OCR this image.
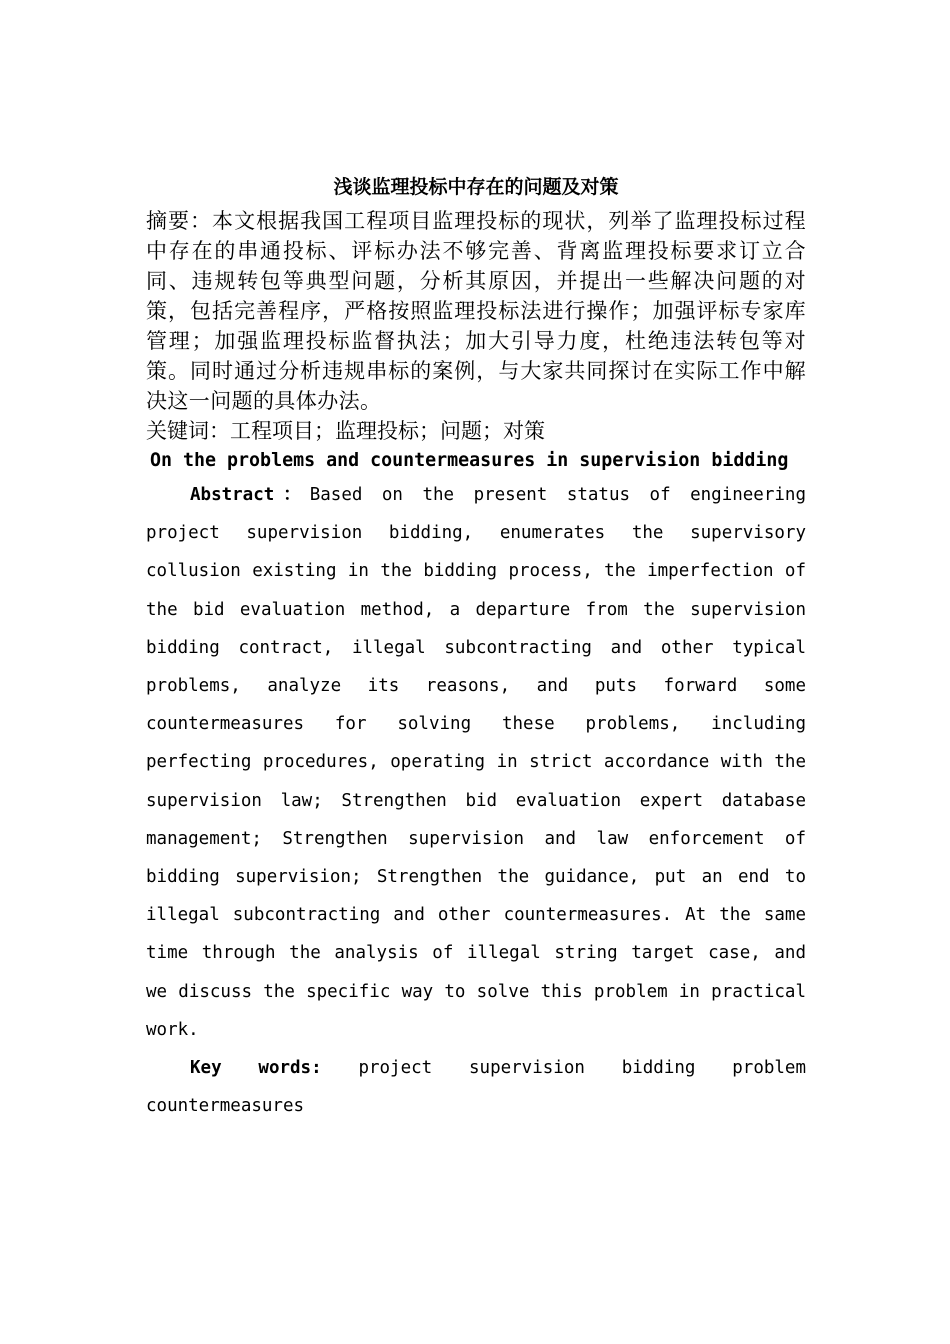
浅谈监理投标中存在的问题及对策

摘要：本文根据我国工程项目监理投标的现状，列举了监理投标过程中存在的串通投标、评标办法不够完善、背离监理投标要求订立合同、违规转包等典型问题，分析其原因，并提出一些解决问题的对策，包括完善程序，严格按照监理投标法进行操作；加强评标专家库管理；加强监理投标监督执法；加大引导力度，杜绝违法转包等对策。同时通过分析违规串标的案例，与大家共同探讨在实际工作中解决这一问题的具体办法。

关键词：工程项目；监理投标；问题；对策

On the problems and countermeasures in supervision bidding

Abstract：Based on the present status of engineering project supervision bidding, enumerates the supervisory collusion existing in the bidding process, the imperfection of the bid evaluation method, a departure from the supervision bidding contract, illegal subcontracting and other typical problems, analyze its reasons, and puts forward some countermeasures for solving these problems, including perfecting procedures, operating in strict accordance with the supervision law; Strengthen bid evaluation expert database management; Strengthen supervision and law enforcement of bidding supervision; Strengthen the guidance, put an end to illegal subcontracting and other countermeasures. At the same time through the analysis of illegal string target case, and we discuss the specific way to solve this problem in practical work.

Key words: project supervision bidding problem countermeasures
